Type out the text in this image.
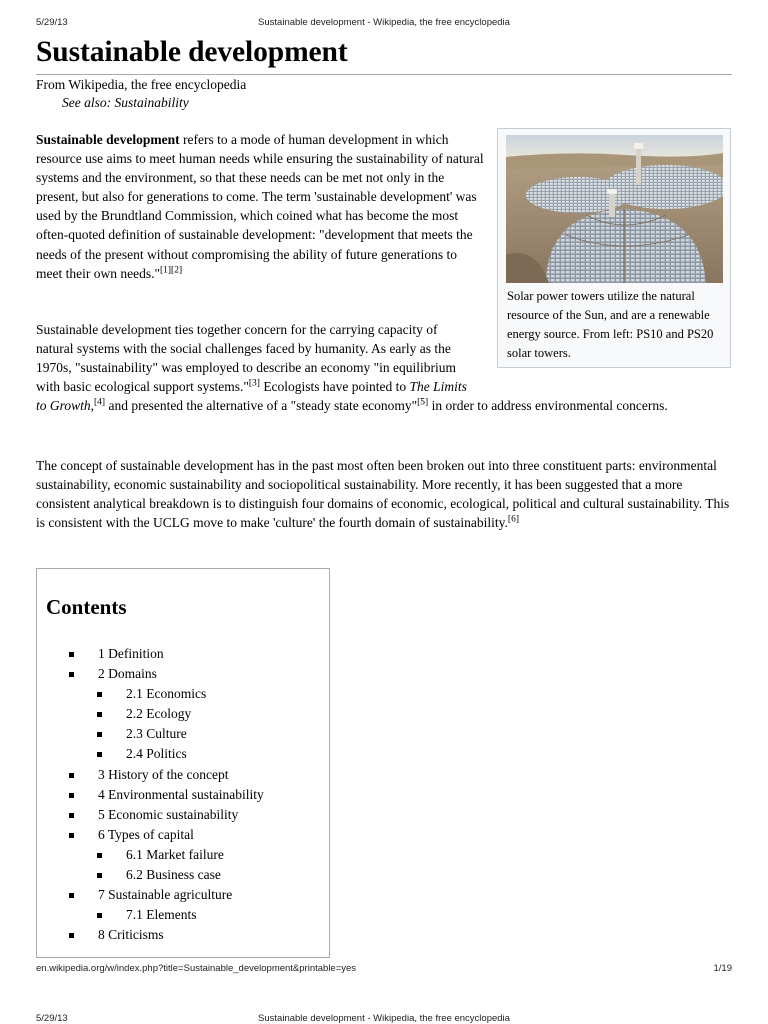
5/29/13	Sustainable development - Wikipedia, the free encyclopedia
Sustainable development
From Wikipedia, the free encyclopedia
See also: Sustainability

Sustainable development refers to a mode of human development in which resource use aims to meet human needs while ensuring the sustainability of natural systems and the environment, so that these needs can be met not only in the present, but also for generations to come. The term 'sustainable development' was used by the Brundtland Commission, which coined what has become the most often-quoted definition of sustainable development: "development that meets the needs of the present without compromising the ability of future generations to meet their own needs."[1][2]

Sustainable development ties together concern for the carrying capacity of natural systems with the social challenges faced by humanity. As early as the 1970s, "sustainability" was employed to describe an economy "in equilibrium with basic ecological support systems."[3] Ecologists have pointed to The Limits to Growth,[4] and presented the alternative of a "steady state economy"[5] in order to address environmental concerns.

The concept of sustainable development has in the past most often been broken out into three constituent parts: environmental sustainability, economic sustainability and sociopolitical sustainability. More recently, it has been suggested that a more consistent analytical breakdown is to distinguish four domains of economic, ecological, political and cultural sustainability. This is consistent with the UCLG move to make 'culture' the fourth domain of sustainability.[6]

Solar power towers utilize the natural resource of the Sun, and are a renewable energy source. From left: PS10 and PS20 solar towers.
Contents
1 Definition
2 Domains
2.1 Economics
2.2 Ecology
2.3 Culture
2.4 Politics
3 History of the concept
4 Environmental sustainability
5 Economic sustainability
6 Types of capital
6.1 Market failure
6.2 Business case
7 Sustainable agriculture
7.1 Elements
8 Criticisms
en.wikipedia.org/w/index.php?title=Sustainable_development&printable=yes	1/19
5/29/13	Sustainable development - Wikipedia, the free encyclopedia
